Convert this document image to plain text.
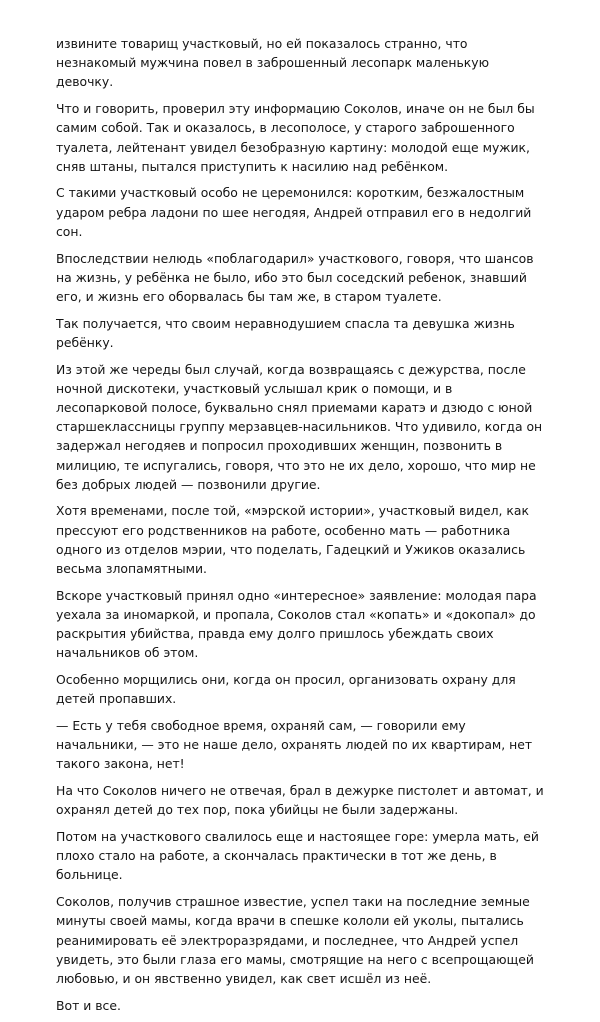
извините товарищ участковый, но ей показалось странно, что незнакомый мужчина повел в заброшенный лесопарк маленькую девочку.

Что и говорить, проверил эту информацию Соколов, иначе он не был бы самим собой. Так и оказалось, в лесополосе, у старого заброшенного туалета, лейтенант увидел безобразную картину: молодой еще мужик, сняв штаны, пытался приступить к насилию над ребёнком.

С такими участковый особо не церемонился: коротким, безжалостным ударом ребра ладони по шее негодяя, Андрей отправил его в недолгий сон.

Впоследствии нелюдь «поблагодарил» участкового, говоря, что шансов на жизнь, у ребёнка не было, ибо это был соседский ребенок, знавший его, и жизнь его оборвалась бы там же, в старом туалете.

Так получается, что своим неравнодушием спасла та девушка жизнь ребёнку.

Из этой же череды был случай, когда возвращаясь с дежурства, после ночной дискотеки, участковый услышал крик о помощи, и в лесопарковой полосе, буквально снял приемами каратэ и дзюдо с юной старшеклассницы группу мерзавцев-насильников. Что удивило, когда он задержал негодяев и попросил проходивших женщин, позвонить в милицию, те испугались, говоря, что это не их дело, хорошо, что мир не без добрых людей — позвонили другие.

Хотя временами, после той, «мэрской истории», участковый видел, как прессуют его родственников на работе, особенно мать — работника одного из отделов мэрии, что поделать, Гадецкий и Ужиков оказались весьма злопамятными.

Вскоре участковый принял одно «интересное» заявление: молодая пара уехала за иномаркой, и пропала, Соколов стал «копать» и «докопал» до раскрытия убийства, правда ему долго пришлось убеждать своих начальников об этом.

Особенно морщились они, когда он просил, организовать охрану для детей пропавших.

— Есть у тебя свободное время, охраняй сам, — говорили ему начальники, — это не наше дело, охранять людей по их квартирам, нет такого закона, нет!

На что Соколов ничего не отвечая, брал в дежурке пистолет и автомат, и охранял детей до тех пор, пока убийцы не были задержаны.

Потом на участкового свалилось еще и настоящее горе: умерла мать, ей плохо стало на работе, а скончалась практически в тот же день, в больнице.

Соколов, получив страшное известие, успел таки на последние земные минуты своей мамы, когда врачи в спешке кололи ей уколы, пытались реанимировать её электроразрядами, и последнее, что Андрей успел увидеть, это были глаза его мамы, смотрящие на него с всепрощающей любовью, и он явственно увидел, как свет исшёл из неё.

Вот и все.
